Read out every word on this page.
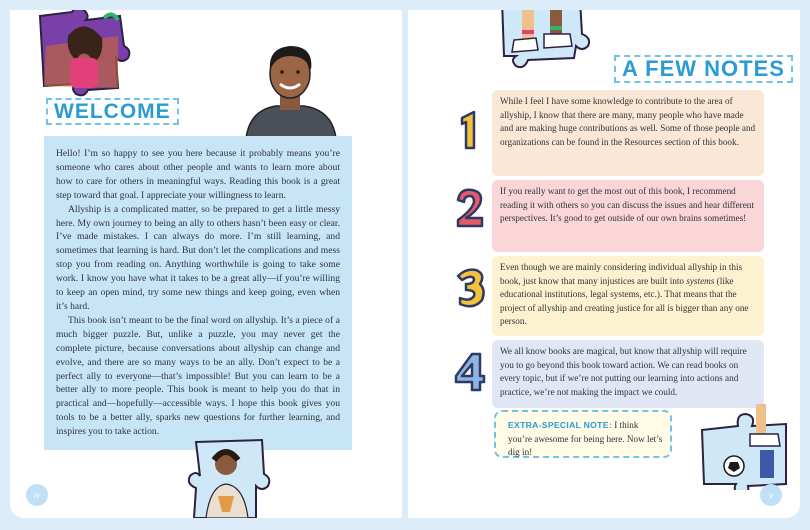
WELCOME

Hello! I’m so happy to see you here because it probably means you’re someone who cares about other people and wants to learn more about how to care for others in meaningful ways. Reading this book is a great step toward that goal. I appreciate your willingness to learn.

Allyship is a complicated matter, so be prepared to get a little messy here. My own journey to being an ally to others hasn’t been easy or clear. I’ve made mistakes. I can always do more. I’m still learning, and sometimes that learning is hard. But don’t let the complications and mess stop you from reading on. Anything worthwhile is going to take some work. I know you have what it takes to be a great ally—if you’re willing to keep an open mind, try some new things and keep going, even when it’s hard.

This book isn’t meant to be the final word on allyship. It’s a piece of a much bigger puzzle. But, unlike a puzzle, you may never get the complete picture, because conversations about allyship can change and evolve, and there are so many ways to be an ally. Don’t expect to be a perfect ally to everyone—that’s impossible! But you can learn to be a better ally to more people. This book is meant to help you do that in practical and—hopefully—accessible ways. I hope this book gives you tools to be a better ally, sparks new questions for further learning, and inspires you to take action.

iv
A FEW NOTES
While I feel I have some knowledge to contribute to the area of allyship, I know that there are many, many people who have made and are making huge contributions as well. Some of those people and organizations can be found in the Resources section of this book.
If you really want to get the most out of this book, I recommend reading it with others so you can discuss the issues and hear different perspectives. It’s good to get outside of our own brains sometimes!
Even though we are mainly considering individual allyship in this book, just know that many injustices are built into systems (like educational institutions, legal systems, etc.). That means that the project of allyship and creating justice for all is bigger than any one person.
We all know books are magical, but know that allyship will require you to go beyond this book toward action. We can read books on every topic, but if we’re not putting our learning into actions and practice, we’re not making the impact we could.
EXTRA-SPECIAL NOTE: I think you’re awesome for being here. Now let’s dig in!
v
